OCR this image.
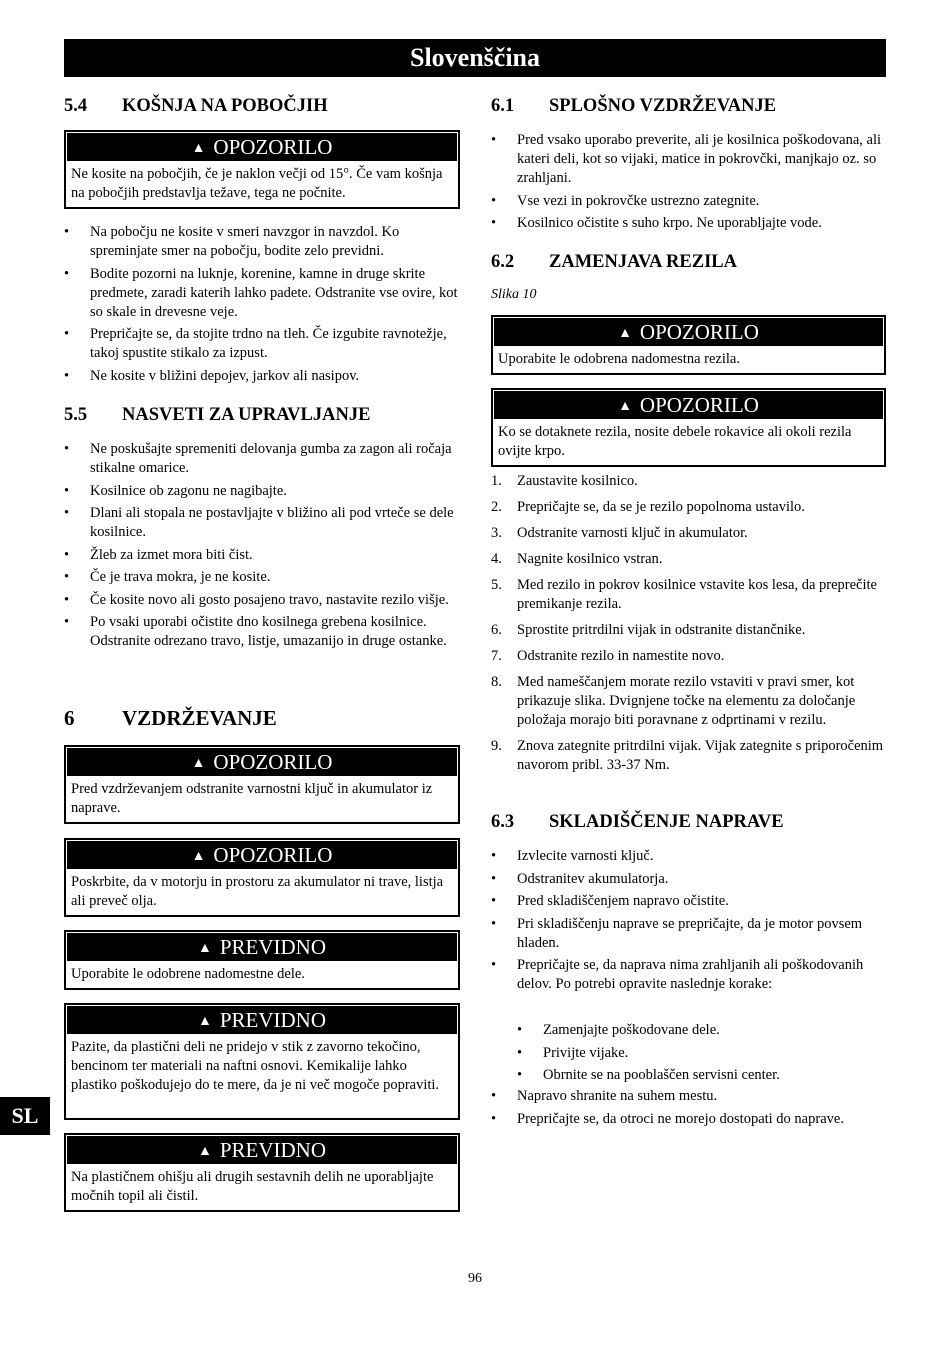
Slovenščina
5.4 KOŠNJA NA POBOČJIH
▲ OPOZORILO
Ne kosite na pobočjih, če je naklon večji od 15°. Če vam košnja na pobočjih predstavlja težave, tega ne počnite.
• Na pobočju ne kosite v smeri navzgor in navzdol. Ko spreminjate smer na pobočju, bodite zelo previdni.
• Bodite pozorni na luknje, korenine, kamne in druge skrite predmete, zaradi katerih lahko padete. Odstranite vse ovire, kot so skale in drevesne veje.
• Prepričajte se, da stojite trdno na tleh. Če izgubite ravnotežje, takoj spustite stikalo za izpust.
• Ne kosite v bližini depojev, jarkov ali nasipov.
5.5 NASVETI ZA UPRAVLJANJE
• Ne poskušajte spremeniti delovanja gumba za zagon ali ročaja stikalne omarice.
• Kosilnice ob zagonu ne nagibajte.
• Dlani ali stopala ne postavljajte v bližino ali pod vrteče se dele kosilnice.
• Žleb za izmet mora biti čist.
• Če je trava mokra, je ne kosite.
• Če kosite novo ali gosto posajeno travo, nastavite rezilo višje.
• Po vsaki uporabi očistite dno kosilnega grebena kosilnice. Odstranite odrezano travo, listje, umazanijo in druge ostanke.
6 VZDRŽEVANJE
▲ OPOZORILO
Pred vzdrževanjem odstranite varnostni ključ in akumulator iz naprave.
▲ OPOZORILO
Poskrbite, da v motorju in prostoru za akumulator ni trave, listja ali preveč olja.
▲ PREVIDNO
Uporabite le odobrene nadomestne dele.
▲ PREVIDNO
Pazite, da plastični deli ne pridejo v stik z zavorno tekočino, bencinom ter materiali na naftni osnovi. Kemikalije lahko plastiko poškodujejo do te mere, da je ni več mogoče popraviti.
▲ PREVIDNO
Na plastičnem ohišju ali drugih sestavnih delih ne uporabljajte močnih topil ali čistil.
6.1 SPLOŠNO VZDRŽEVANJE
• Pred vsako uporabo preverite, ali je kosilnica poškodovana, ali kateri deli, kot so vijaki, matice in pokrovčki, manjkajo oz. so zrahljani.
• Vse vezi in pokrovčke ustrezno zategnite.
• Kosilnico očistite s suho krpo. Ne uporabljajte vode.
6.2 ZAMENJAVA REZILA
Slika 10
▲ OPOZORILO
Uporabite le odobrena nadomestna rezila.
▲ OPOZORILO
Ko se dotaknete rezila, nosite debele rokavice ali okoli rezila ovijte krpo.
1. Zaustavite kosilnico.
2. Prepričajte se, da se je rezilo popolnoma ustavilo.
3. Odstranite varnosti ključ in akumulator.
4. Nagnite kosilnico vstran.
5. Med rezilo in pokrov kosilnice vstavite kos lesa, da preprečite premikanje rezila.
6. Sprostite pritrdilni vijak in odstranite distančnike.
7. Odstranite rezilo in namestite novo.
8. Med nameščanjem morate rezilo vstaviti v pravi smer, kot prikazuje slika. Dvignjene točke na elementu za določanje položaja morajo biti poravnane z odprtinami v rezilu.
9. Znova zategnite pritrdilni vijak. Vijak zategnite s priporočenim navorom pribl. 33-37 Nm.
6.3 SKLADIŠČENJE NAPRAVE
• Izvlecite varnosti ključ.
• Odstranitev akumulatorja.
• Pred skladiščenjem napravo očistite.
• Pri skladiščenju naprave se prepričajte, da je motor povsem hladen.
• Prepričajte se, da naprava nima zrahljanih ali poškodovanih delov. Po potrebi opravite naslednje korake:
• Zamenjajte poškodovane dele.
• Privijte vijake.
• Obrnite se na pooblaščen servisni center.
• Napravo shranite na suhem mestu.
• Prepričajte se, da otroci ne morejo dostopati do naprave.
SL
96
